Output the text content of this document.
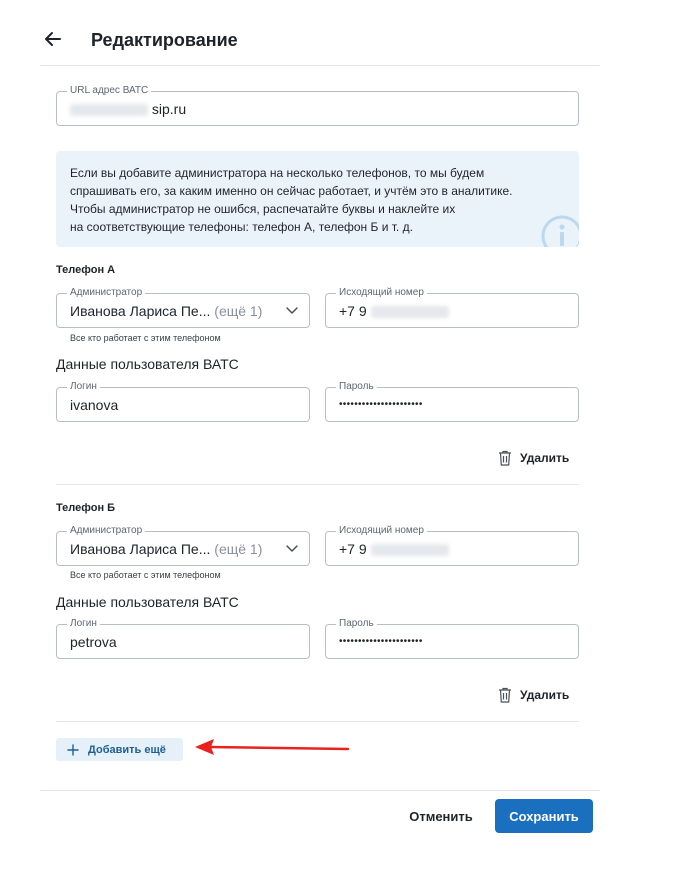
Редактирование
URL адрес ВАТС
sip.ru
Если вы добавите администратора на несколько телефонов, то мы будем
спрашивать его, за каким именно он сейчас работает, и учтём это в аналитике.
Чтобы администратор не ошибся, распечатайте буквы и наклейте их
на соответствующие телефоны: телефон А, телефон Б и т. д.
Телефон А
Администратор
Иванова Лариса Пе... (ещё 1)
Все кто работает с этим телефоном
Исходящий номер
+7 9
Данные пользователя ВАТС
Логин
ivanova
Пароль
••••••••••••••••••••••
Удалить
Телефон Б
Администратор
Иванова Лариса Пе... (ещё 1)
Все кто работает с этим телефоном
Исходящий номер
+7 9
Данные пользователя ВАТС
Логин
petrova
Пароль
••••••••••••••••••••••
Удалить
Добавить ещё
Отменить	Сохранить
